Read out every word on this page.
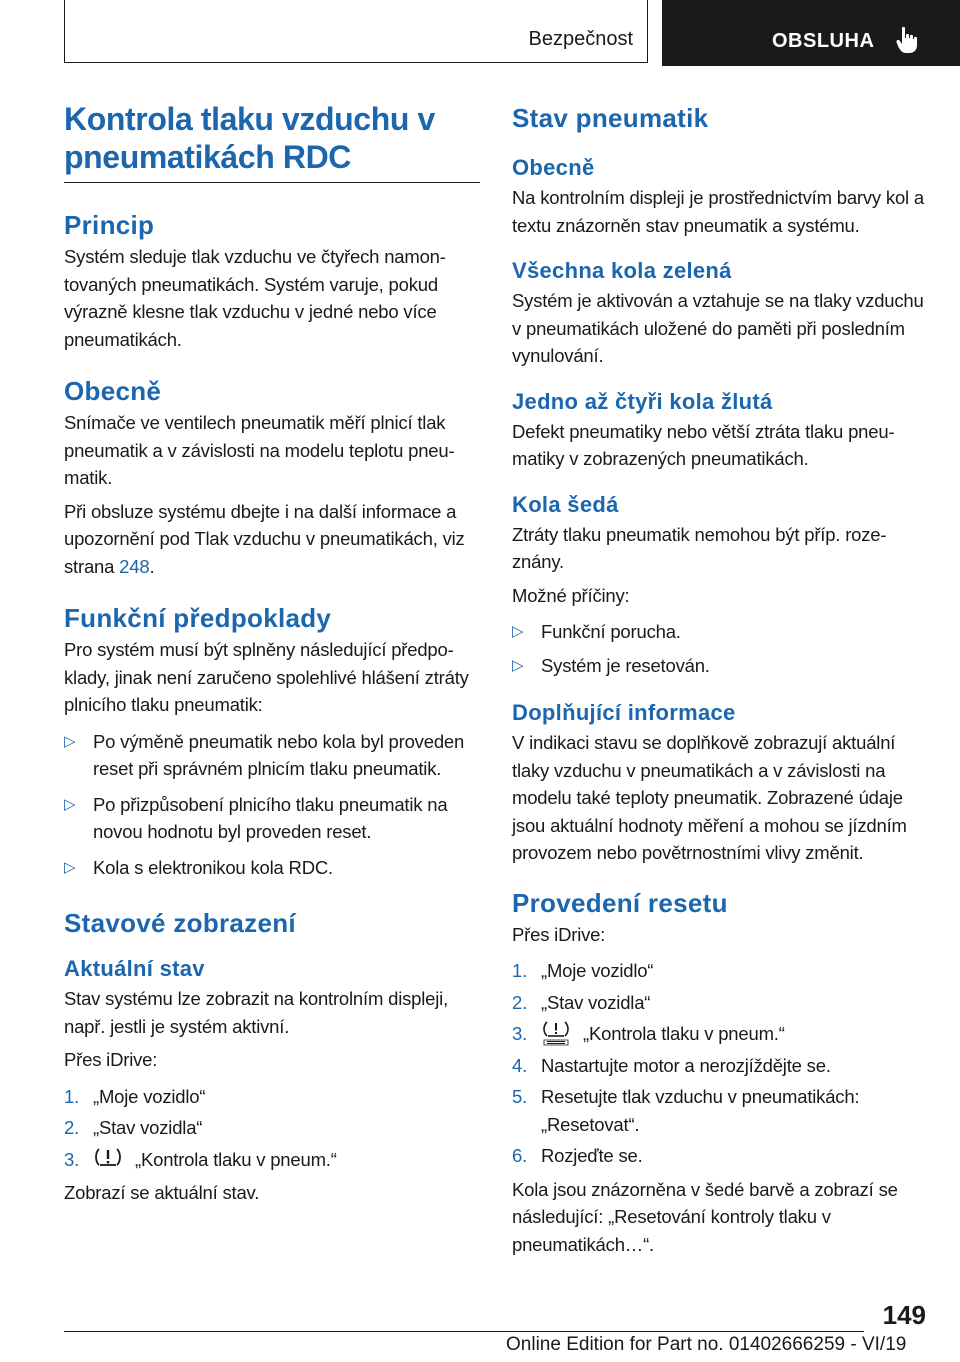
Bezpečnost	OBSLUHA
Kontrola tlaku vzduchu v
pneumatikách RDC
Princip

Systém sleduje tlak vzduchu ve čtyřech namontovaných pneumatikách. Systém varuje, pokud výrazně klesne tlak vzduchu v jedné nebo více pneumatikách.

Obecně

Snímače ve ventilech pneumatik měří plnicí tlak pneumatik a v závislosti na modelu teplotu pneumatik.

Při obsluze systému dbejte i na další informace a upozornění pod Tlak vzduchu v pneumatikách, viz strana 248.

Funkční předpoklady

Pro systém musí být splněny následující předpoklady, jinak není zaručeno spolehlivé hlášení ztráty plnicího tlaku pneumatik:

▷ Po výměně pneumatik nebo kola byl proveden reset při správném plnicím tlaku pneumatik.
▷ Po přizpůsobení plnicího tlaku pneumatik na novou hodnotu byl proveden reset.
▷ Kola s elektronikou kola RDC.
Stavové zobrazení
Aktuální stav

Stav systému lze zobrazit na kontrolním displeji, např. jestli je systém aktivní.

Přes iDrive:

1. „Moje vozidlo“
2. „Stav vozidla“
3.	„Kontrola tlaku v pneum.“

Zobrazí se aktuální stav.

Stav pneumatik
Obecně

Na kontrolním displeji je prostřednictvím barvy kol a textu znázorněn stav pneumatik a systému.

Všechna kola zelená

Systém je aktivován a vztahuje se na tlaky vzduchu v pneumatikách uložené do paměti při posledním vynulování.

Jedno až čtyři kola žlutá

Defekt pneumatiky nebo větší ztráta tlaku pneumatiky v zobrazených pneumatikách.

Kola šedá

Ztráty tlaku pneumatik nemohou být příp. rozeznány.

Možné příčiny:

▷ Funkční porucha.
▷ Systém je resetován.
Doplňující informace

V indikaci stavu se doplňkově zobrazují aktuální tlaky vzduchu v pneumatikách a v závislosti na modelu také teploty pneumatik. Zobrazené údaje jsou aktuální hodnoty měření a mohou se jízdním provozem nebo povětrnostními vlivy změnit.

Provedení resetu

Přes iDrive:

1. „Moje vozidlo“
2. „Stav vozidla“
3.	„Kontrola tlaku v pneum.“
4. Nastartujte motor a nerozjíždějte se.
5. Resetujte tlak vzduchu v pneumatikách: „Resetovat“.
6. Rozjeďte se.

Kola jsou znázorněna v šedé barvě a zobrazí se následující: „Resetování kontroly tlaku v pneumatikách…“.

149
Online Edition for Part no. 01402666259 - VI/19
